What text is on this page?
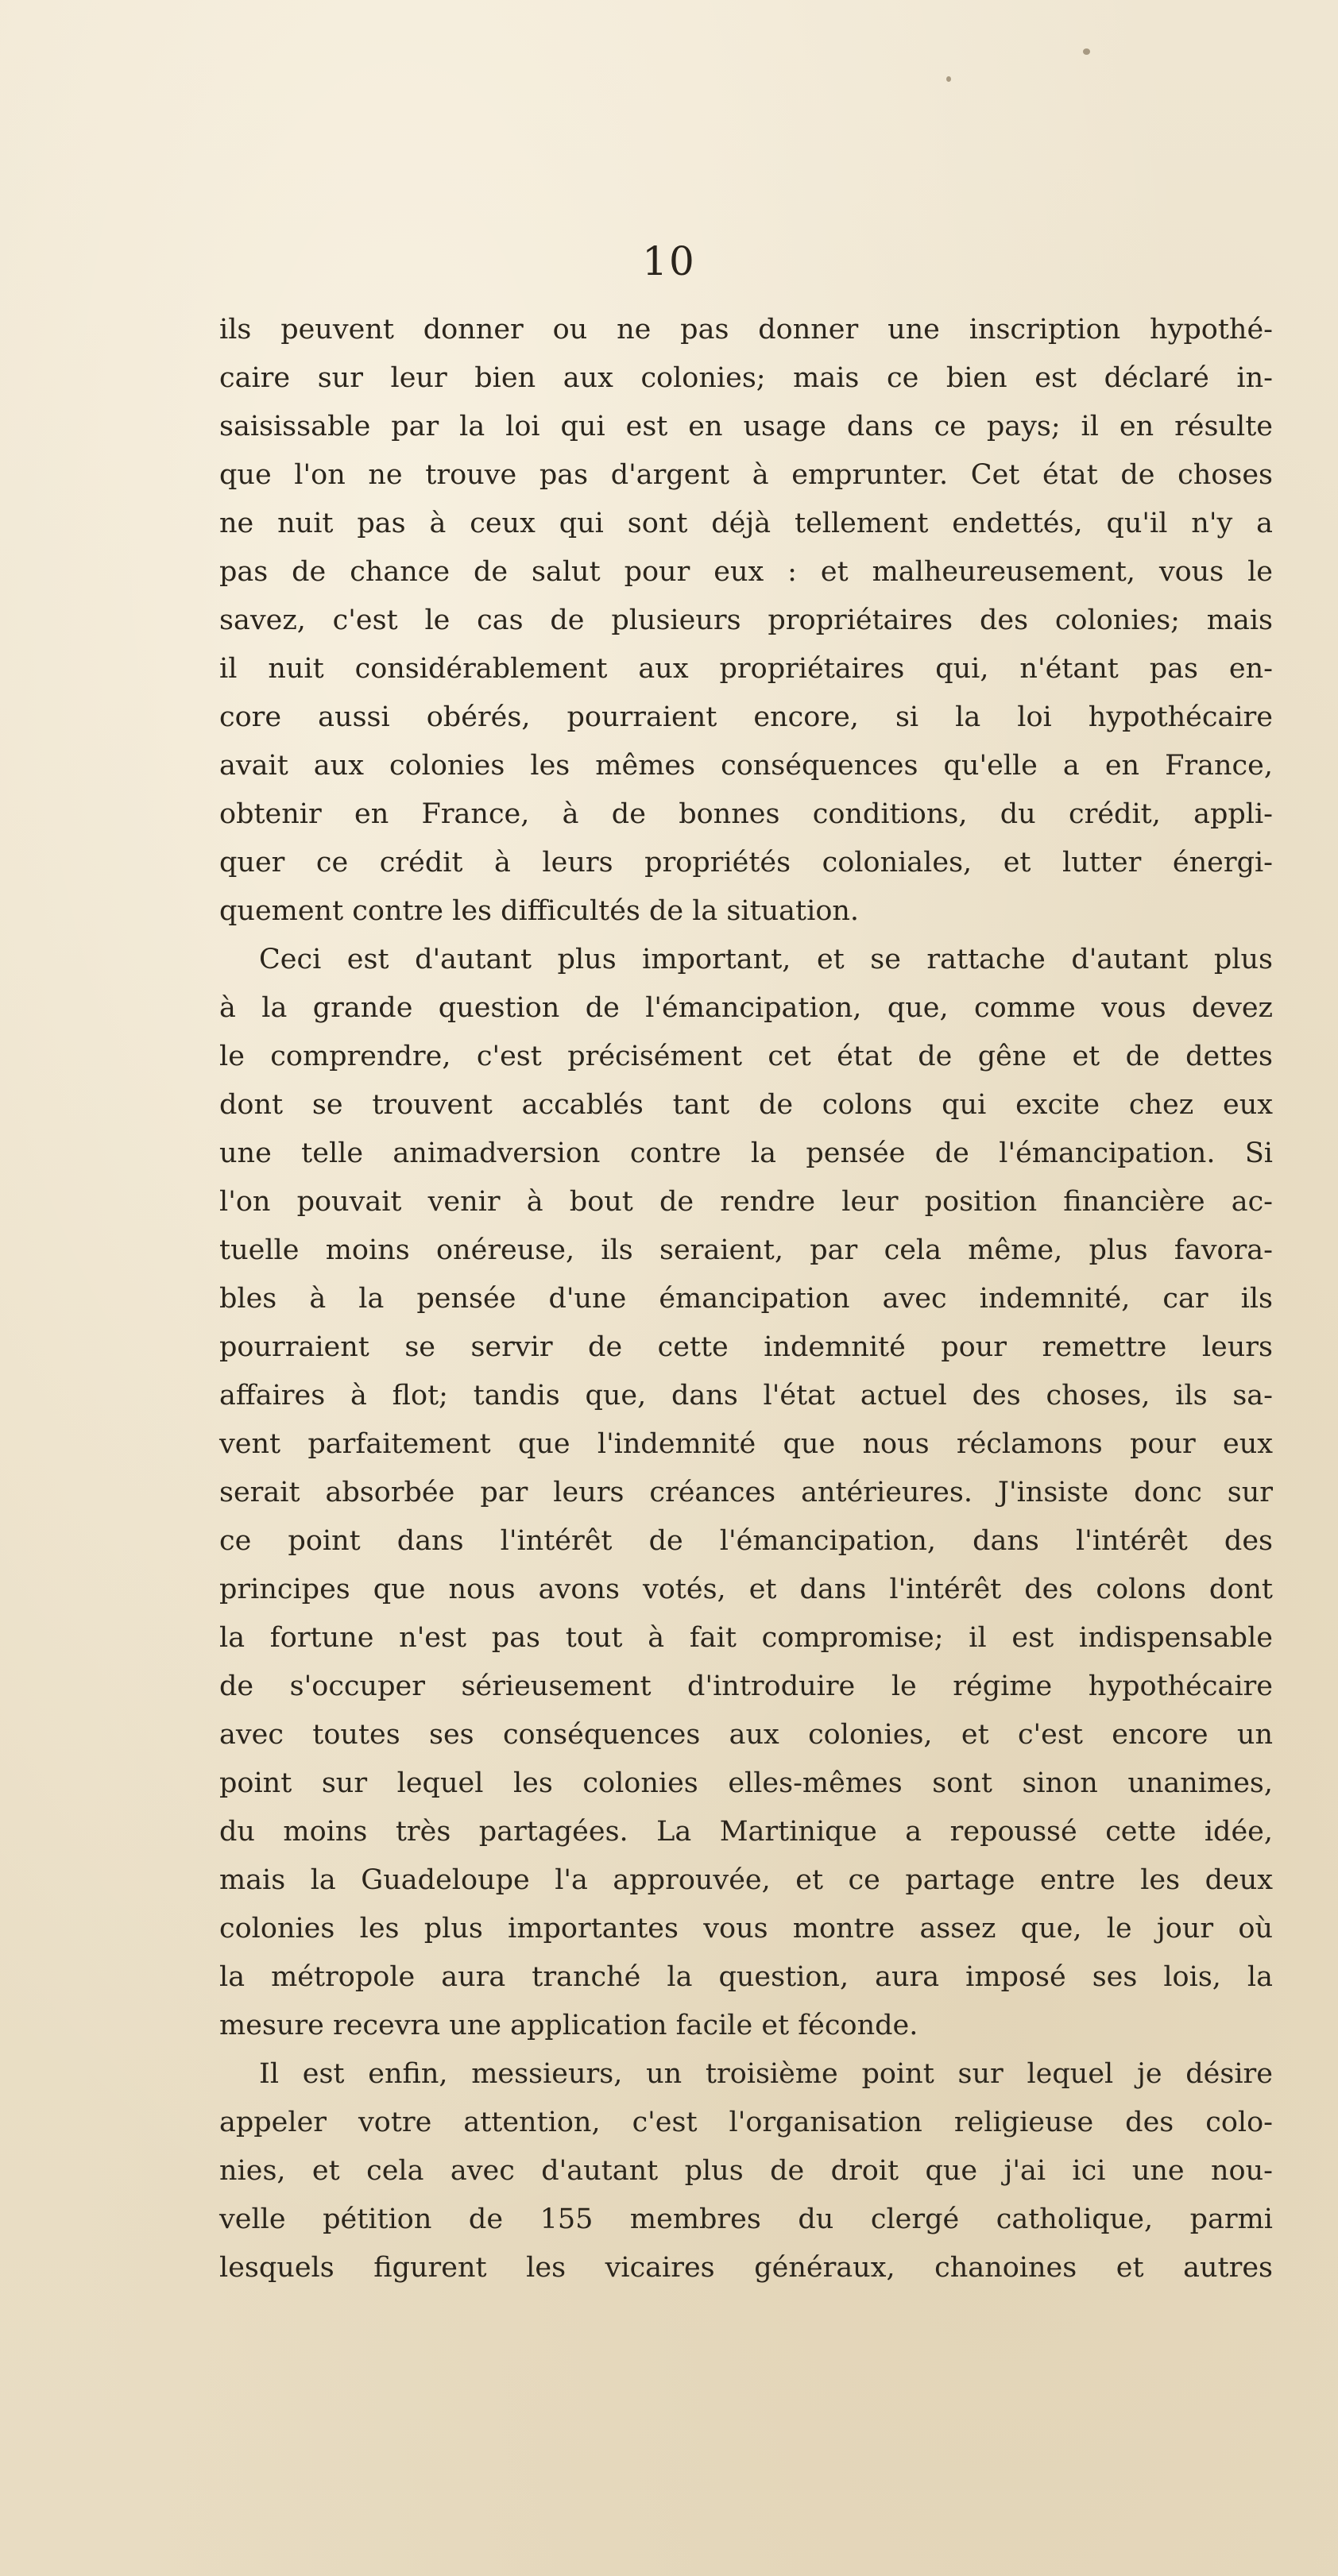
10
ils peuvent donner ou ne pas donner une inscription hypothé-
caire sur leur bien aux colonies; mais ce bien est déclaré in-
saisissable par la loi qui est en usage dans ce pays; il en résulte
que l'on ne trouve pas d'argent à emprunter. Cet état de choses
ne nuit pas à ceux qui sont déjà tellement endettés, qu'il n'y a
pas de chance de salut pour eux : et malheureusement, vous le
savez, c'est le cas de plusieurs propriétaires des colonies; mais
il nuit considérablement aux propriétaires qui, n'étant pas en-
core aussi obérés, pourraient encore, si la loi hypothécaire
avait aux colonies les mêmes conséquences qu'elle a en France,
obtenir en France, à de bonnes conditions, du crédit, appli-
quer ce crédit à leurs propriétés coloniales, et lutter énergi-
quement contre les difficultés de la situation.
Ceci est d'autant plus important, et se rattache d'autant plus
à la grande question de l'émancipation, que, comme vous devez
le comprendre, c'est précisément cet état de gêne et de dettes
dont se trouvent accablés tant de colons qui excite chez eux
une telle animadversion contre la pensée de l'émancipation. Si
l'on pouvait venir à bout de rendre leur position financière ac-
tuelle moins onéreuse, ils seraient, par cela même, plus favora-
bles à la pensée d'une émancipation avec indemnité, car ils
pourraient se servir de cette indemnité pour remettre leurs
affaires à flot; tandis que, dans l'état actuel des choses, ils sa-
vent parfaitement que l'indemnité que nous réclamons pour eux
serait absorbée par leurs créances antérieures. J'insiste donc sur
ce point dans l'intérêt de l'émancipation, dans l'intérêt des
principes que nous avons votés, et dans l'intérêt des colons dont
la fortune n'est pas tout à fait compromise; il est indispensable
de s'occuper sérieusement d'introduire le régime hypothécaire
avec toutes ses conséquences aux colonies, et c'est encore un
point sur lequel les colonies elles-mêmes sont sinon unanimes,
du moins très partagées. La Martinique a repoussé cette idée,
mais la Guadeloupe l'a approuvée, et ce partage entre les deux
colonies les plus importantes vous montre assez que, le jour où
la métropole aura tranché la question, aura imposé ses lois, la
mesure recevra une application facile et féconde.
Il est enfin, messieurs, un troisième point sur lequel je désire
appeler votre attention, c'est l'organisation religieuse des colo-
nies, et cela avec d'autant plus de droit que j'ai ici une nou-
velle pétition de 155 membres du clergé catholique, parmi
lesquels figurent les vicaires généraux, chanoines et autres
